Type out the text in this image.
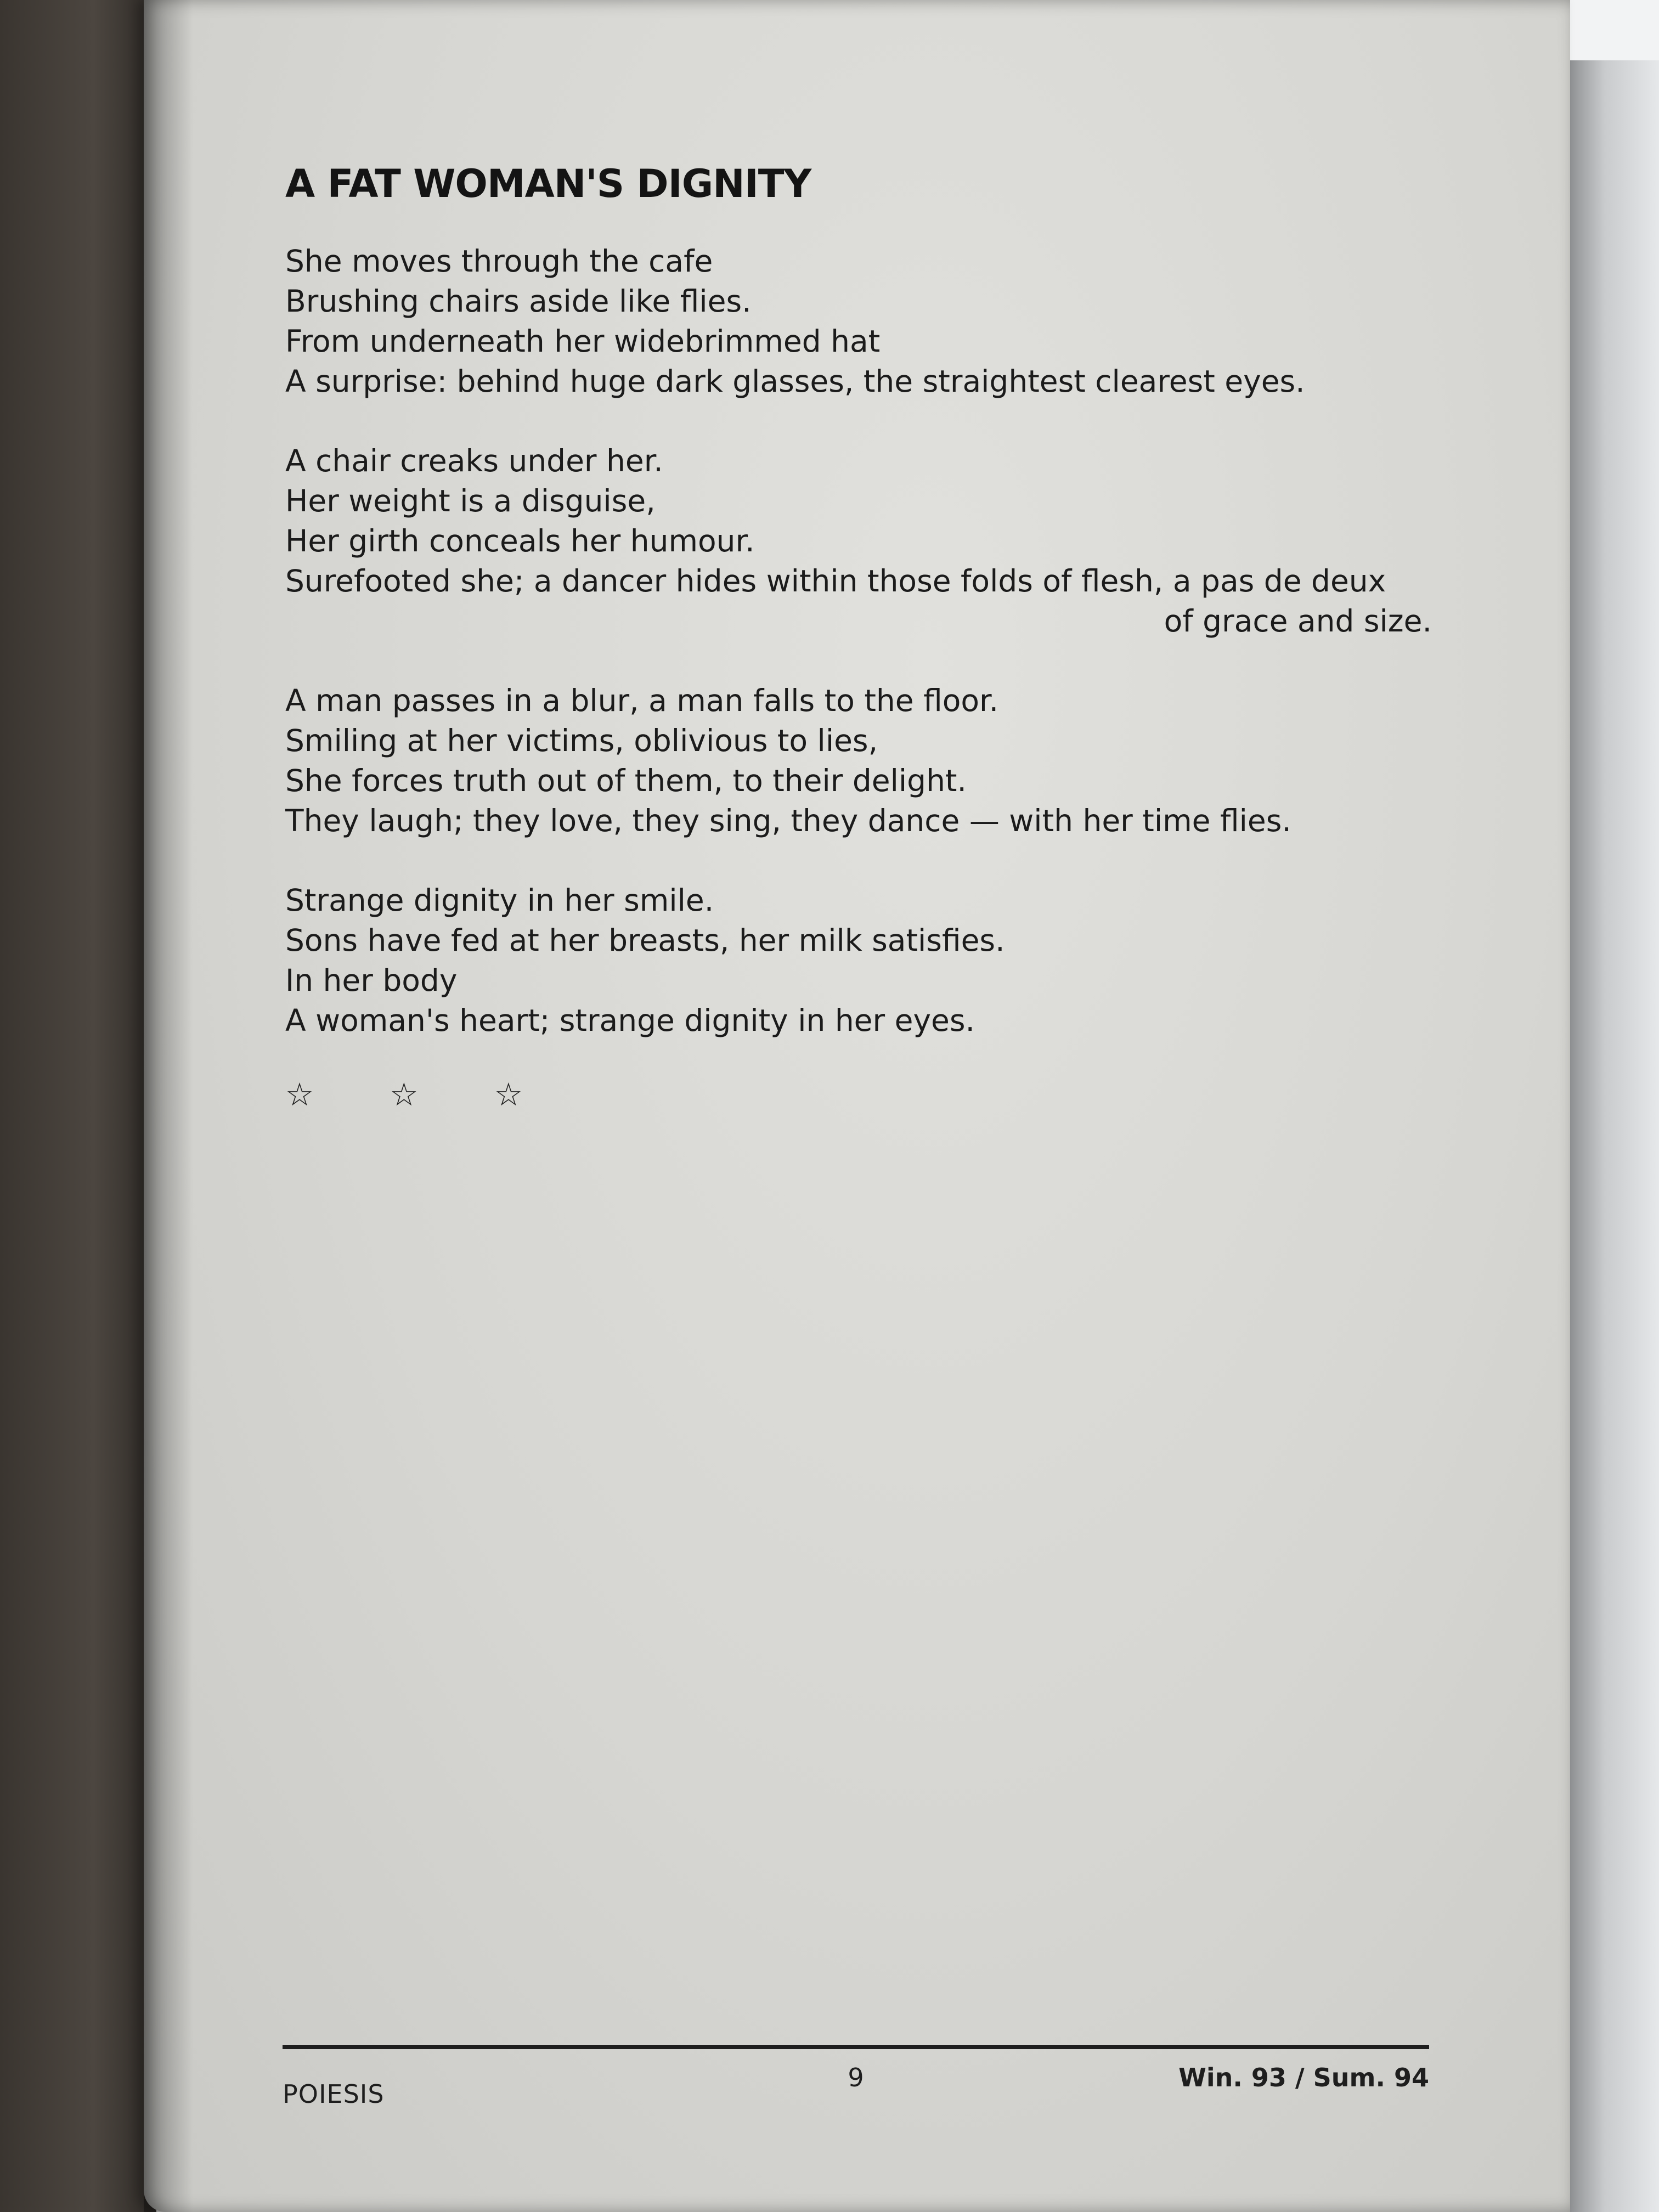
A FAT WOMAN'S DIGNITY
She moves through the cafe
Brushing chairs aside like flies.
From underneath her widebrimmed hat
A surprise: behind huge dark glasses, the straightest clearest eyes.
A chair creaks under her.
Her weight is a disguise,
Her girth conceals her humour.
Surefooted she; a dancer hides within those folds of flesh, a pas de deux
of grace and size.
A man passes in a blur, a man falls to the floor.
Smiling at her victims, oblivious to lies,
She forces truth out of them, to their delight.
They laugh; they love, they sing, they dance — with her time flies.
Strange dignity in her smile.
Sons have fed at her breasts, her milk satisfies.
In her body
A woman's heart; strange dignity in her eyes.
☆ ☆ ☆
POIESIS
9	Win. 93 / Sum. 94
